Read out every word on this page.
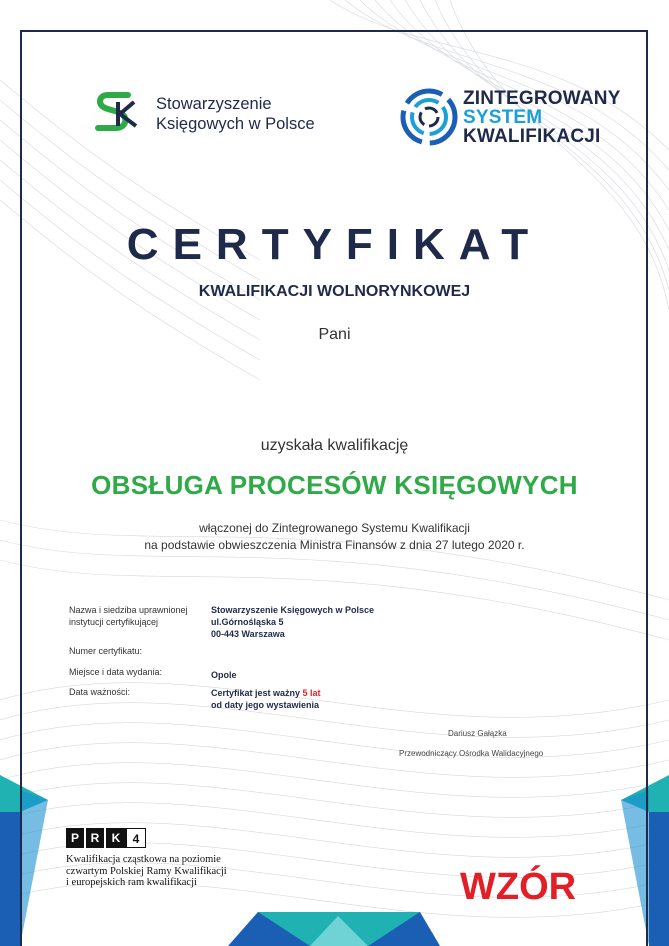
Stowarzyszenie
Księgowych w Polsce
ZINTEGROWANY
SYSTEM
KWALIFIKACJI
CERTYFIKAT
KWALIFIKACJI WOLNORYNKOWEJ
Pani
uzyskała kwalifikację
OBSŁUGA PROCESÓW KSIĘGOWYCH
włączonej do Zintegrowanego Systemu Kwalifikacji
na podstawie obwieszczenia Ministra Finansów z dnia 27 lutego 2020 r.
Nazwa i siedziba uprawnionej
instytucji certyfikującej
Stowarzyszenie Księgowych w Polsce
ul.Górnośląska 5
00-443 Warszawa
Numer certyfikatu:
Miejsce i data wydania:	Opole
Data ważności:	Certyfikat jest ważny 5 lat
od daty jego wystawienia
Dariusz Gałązka
Przewodniczący Ośrodka Walidacyjnego
P R	K	4
Kwalifikacja cząstkowa na poziomie
czwartym Polskiej Ramy Kwalifikacji
i europejskich ram kwalifikacji	WZÓR
